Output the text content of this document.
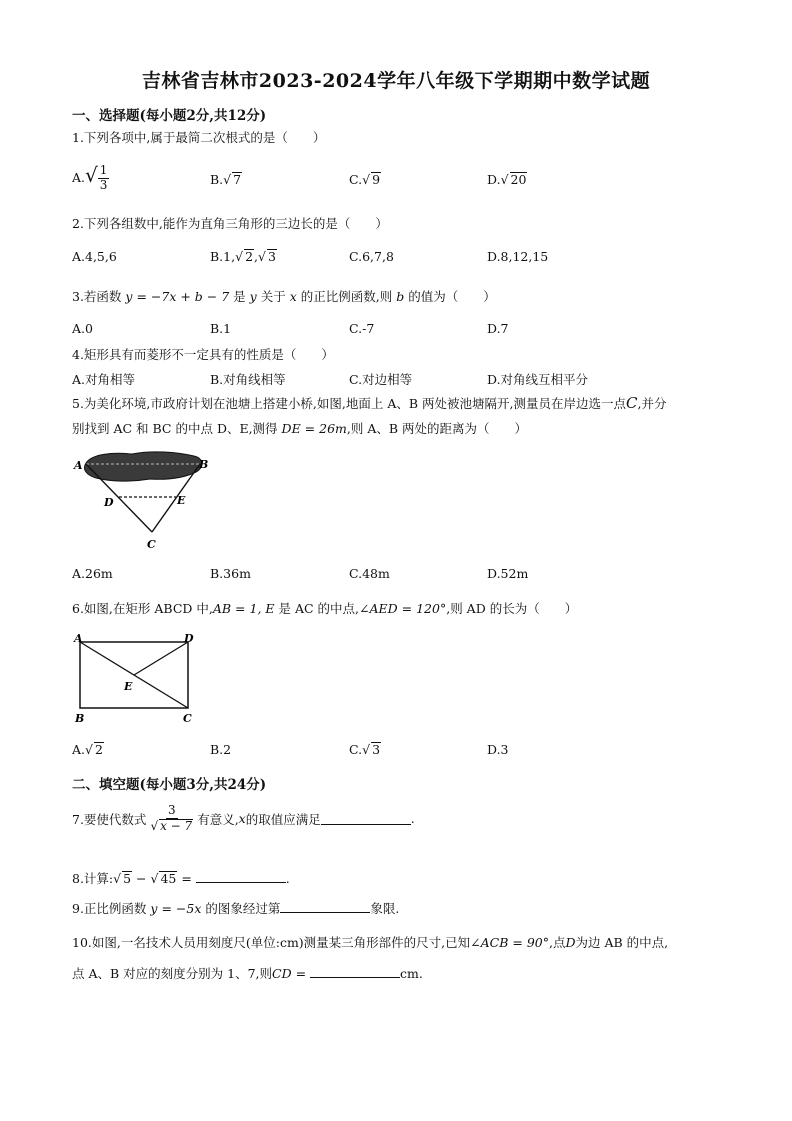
吉林省吉林市2023-2024学年八年级下学期期中数学试题
一、选择题(每小题2分,共12分)
1.下列各项中,属于最简二次根式的是（　　）
$A.√ \frac{1}{3}$	B.√ 7	C.√ 9	D.√ 20
2.下列各组数中,能作为直角三角形的三边长的是（　　）
A.4,5,6	B.1,√ 2,√ 3	C.6,7,8	D.8,12,15
3.若函数 y = −7x + b − 7 是 y 关于 x 的正比例函数,则 b 的值为（　　）
A.0	B.1	C.-7	D.7
4.矩形具有而菱形不一定具有的性质是（　　）
A.对角相等	B.对角线相等	C.对边相等	D.对角线互相平分
5.为美化环境,市政府计划在池塘上搭建小桥,如图,地面上 A、B 两处被池塘隔开,测量员在岸边选一点C,并分
别找到 AC 和 BC 的中点 D、E,测得 DE = 26m,则 A、B 两处的距离为（　　）
A	B
D	E
C
A.26m	B.36m	C.48m	D.52m
6.如图,在矩形 ABCD 中,AB = 1, E 是 AC 的中点,∠AED = 120°,则 AD 的长为（　　）
A	D
E
B	C
A.√ 2	B.2	C.√ 3	D.3
二、填空题(每小题3分,共24分)
7.要使代数式 $\frac{3}{√ x - 7}$ 有意义, x 的取值应满足	.
8.计算:√ 5 − √ 45 =	.
9.正比例函数 y = −5x 的图象经过第	象限.
10.如图,一名技术人员用刻度尺(单位:cm)测量某三角形部件的尺寸,已知∠ACB = 90°,点D为边 AB 的中点,
点 A、B 对应的刻度分别为 1、7,则CD =	cm.
